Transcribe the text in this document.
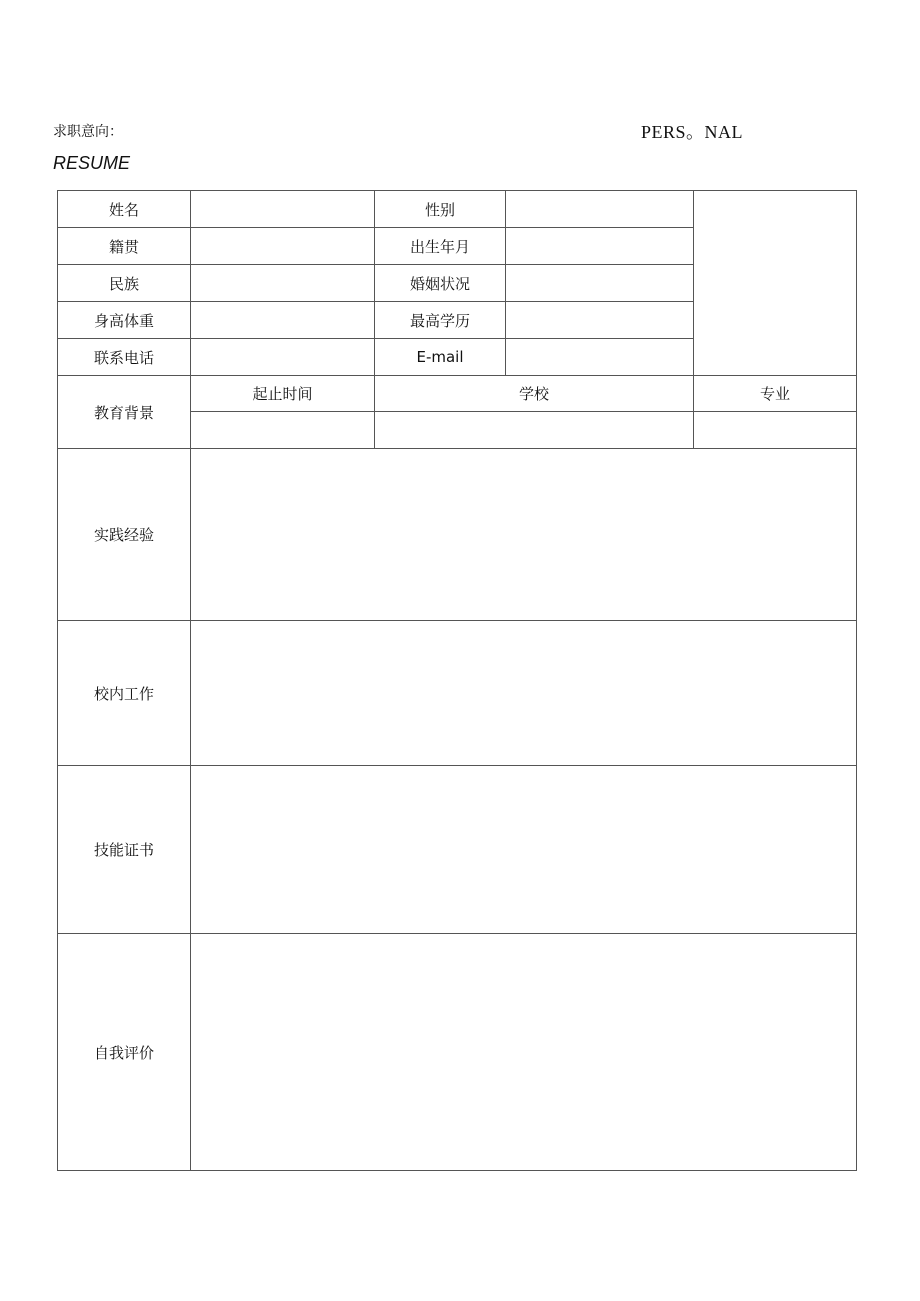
求职意向：	PERS。NAL
RESUME
姓名		性别		
籍贯		出生年月		
民族		婚姻状况		
身高体重		最高学历		
联系电话		E-mail		
教育背景	起止时间	学校		专业

实践经验				
校内工作				
技能证书				
自我评价				
